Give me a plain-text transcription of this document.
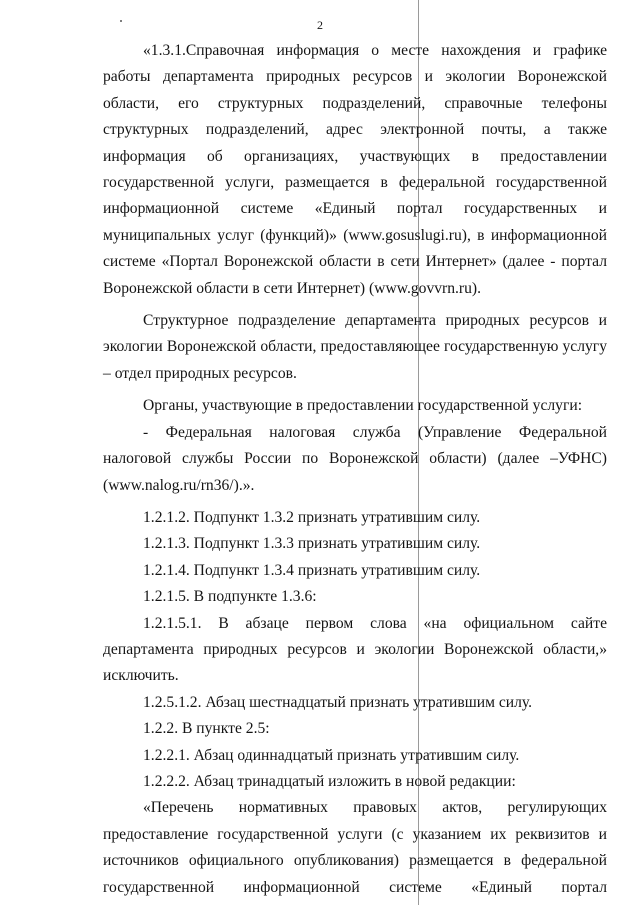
2

«1.3.1.Справочная информация о месте нахождения и графике работы департамента природных ресурсов и экологии Воронежской области, его структурных подразделений, справочные телефоны структурных подразделений, адрес электронной почты, а также информация об организациях, участвующих в предоставлении государственной услуги, размещается в федеральной государственной информационной системе «Единый портал государственных и муниципальных услуг (функций)» (www.gosuslugi.ru), в информационной системе «Портал Воронежской области в сети Интернет» (далее - портал Воронежской области в сети Интернет) (www.govvrn.ru).

Структурное подразделение департамента природных ресурсов и экологии Воронежской области, предоставляющее государственную услугу – отдел природных ресурсов.

Органы, участвующие в предоставлении государственной услуги:

- Федеральная налоговая служба (Управление Федеральной налоговой службы России по Воронежской области) (далее –УФНС) (www.nalog.ru/rn36/).».

1.2.1.2. Подпункт 1.3.2 признать утратившим силу.

1.2.1.3. Подпункт 1.3.3 признать утратившим силу.

1.2.1.4. Подпункт 1.3.4 признать утратившим силу.

1.2.1.5. В подпункте 1.3.6:

1.2.1.5.1. В абзаце первом слова «на официальном сайте департамента природных ресурсов и экологии Воронежской области,» исключить.

1.2.5.1.2. Абзац шестнадцатый признать утратившим силу.

1.2.2. В пункте 2.5:

1.2.2.1. Абзац одиннадцатый признать утратившим силу.

1.2.2.2. Абзац тринадцатый изложить в новой редакции:

«Перечень нормативных правовых актов, регулирующих предоставление государственной услуги (с указанием их реквизитов и источников официального опубликования) размещается в федеральной государственной информационной системе «Единый портал
